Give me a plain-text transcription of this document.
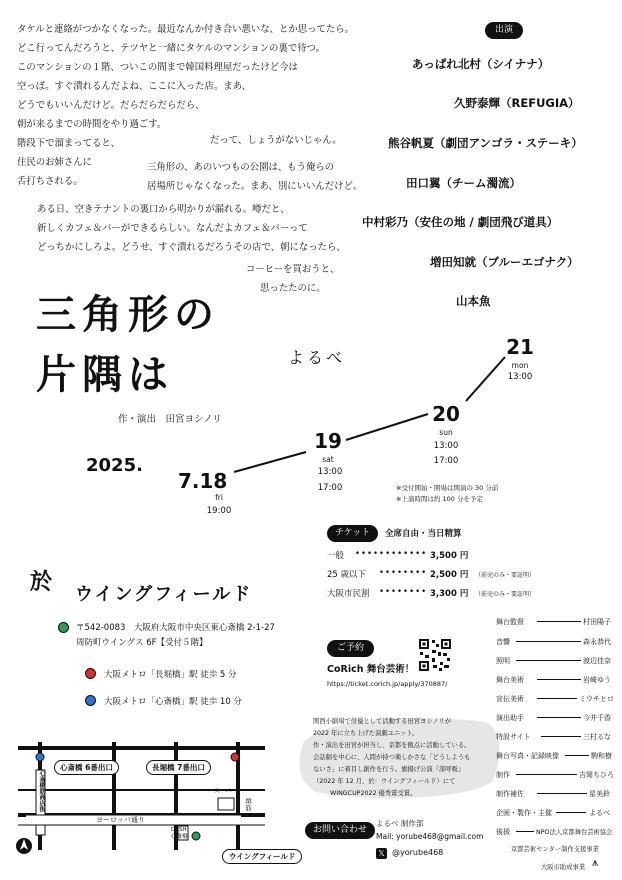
タケルと連絡がつかなくなった。最近なんか付き合い悪いな、とか思ってたら。
どこ行ってんだろうと、テツヤと一緒にタケルのマンションの裏で待つ。
このマンションの１階、ついこの間まで韓国料理屋だったけど今は
空っぽ。すぐ潰れるんだよね、ここに入った店。まあ、
どうでもいいんだけど。だらだらだらだら、
朝が来るまでの時間をやり過ごす。
階段下で溜まってると、
住民のお姉さんに
舌打ちされる。
だって、しょうがないじゃん。
三角形の、あのいつもの公園は、もう俺らの
居場所じゃなくなった。まあ、別にいいんだけど。
ある日、空きテナントの裏口から明かりが漏れる。噂だと、
新しくカフェ＆バーができるらしい。なんだよカフェ＆バーって
どっちかにしろよ。どうせ、すぐ潰れるだろうその店で、朝になったら、
コーヒーを買おうと、
思ったたのに。
出演
あっぱれ北村（シイナナ）
久野泰輝（REFUGIA）
熊谷帆夏（劇団アンゴラ・ステーキ）
田口翼（チーム濁流）
中村彩乃（安住の地 / 劇団飛び道具）
増田知就（ブルーエゴナク）
山本魚
三角形の
片隅は	よるべ
作・演出　田宮ヨシノリ
2025.
7.18
fri
19:00
19
sat
13:00
17:00
20
sun
13:00
17:00
21
mon
13:00
※受付開始・開場は開演の 30 分前
※上演時間は約 100 分を予定
チケット	全席自由・当日精算
一般 •••••••••••• 3,500 円
25 歳以下 •••••••• 2,500 円 （前売のみ・要証明）
大阪市民割 •••••••• 3,300 円 （前売のみ・要証明）
於 ウイングフィールド
〒542-0083　大阪府大阪市中央区東心斎橋 2-1-27
周防町ウイングス 6F【受付５階】
大阪メトロ「長堀橋」駅 徒歩 5 分
大阪メトロ「心斎橋」駅 徒歩 10 分
心斎橋 6番出口	長堀橋 7番出口
心斎橋筋商店街
ヨーロッパ通り
堺筋
スーパー
DASH
心斎橋
ウイングフィールド
ご予約
CoRich 舞台芸術！
https://ticket.corich.jp/apply/370887/
関西小劇場で俳優として活動する田宮ヨシノリが
2022 年に立ち上げた演劇ユニット。
作・演出を田宮が担当し、京都を拠点に活動している。
会話劇を中心に、人間が持つ楽しかさな「どうしようも
ないさ」に着目し創作を行う。旗揚げ公演『深呼吸』
（2022 年 12 月、於：ウイングフィールド）にて
WINGCUP2022 優秀賞受賞。
お問い合わせ
よるべ 制作部
Mail: yorube468@gmail.com
𝕏 @yorube468
舞台監督	村田陽子
音響	森永恭代
照明	渡辺佳奈
舞台美術	岩崎ゆう
宣伝美術	ミウチヒロ
演出助手	今井千香
特設サイト	三村るな
舞台写真・記録映像	駒和樹
制作	吉岡ちひろ
制作補佐	星美鈴
企画・製作・主催	よるべ
後援	NPO法人京都舞台芸術協会
京都芸術センター制作支援事業
大阪市助成事業 ⩚
